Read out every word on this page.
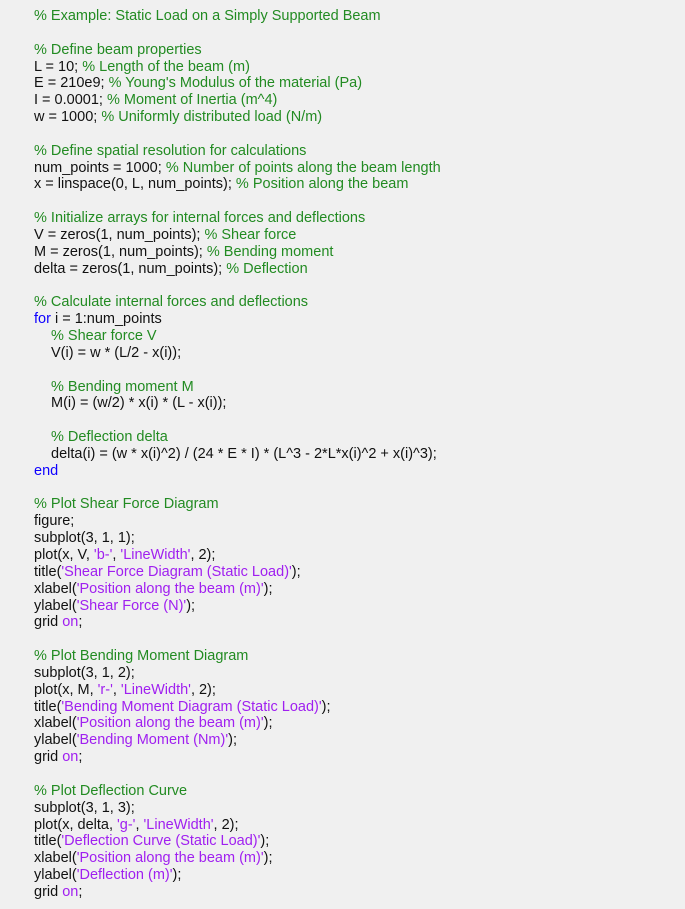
% Example: Static Load on a Simply Supported Beam
% Define beam properties
L = 10; % Length of the beam (m)
E = 210e9; % Young's Modulus of the material (Pa)
I = 0.0001; % Moment of Inertia (m^4)
w = 1000; % Uniformly distributed load (N/m)
% Define spatial resolution for calculations
num_points = 1000; % Number of points along the beam length
x = linspace(0, L, num_points); % Position along the beam
% Initialize arrays for internal forces and deflections
V = zeros(1, num_points); % Shear force
M = zeros(1, num_points); % Bending moment
delta = zeros(1, num_points); % Deflection
% Calculate internal forces and deflections
for i = 1:num_points
% Shear force V
V(i) = w * (L/2 - x(i));
% Bending moment M
M(i) = (w/2) * x(i) * (L - x(i));
% Deflection delta
delta(i) = (w * x(i)^2) / (24 * E * I) * (L^3 - 2*L*x(i)^2 + x(i)^3);
end
% Plot Shear Force Diagram
figure;
subplot(3, 1, 1);
plot(x, V, 'b-', 'LineWidth', 2);
title('Shear Force Diagram (Static Load)');
xlabel('Position along the beam (m)');
ylabel('Shear Force (N)');
grid on;
% Plot Bending Moment Diagram
subplot(3, 1, 2);
plot(x, M, 'r-', 'LineWidth', 2);
title('Bending Moment Diagram (Static Load)');
xlabel('Position along the beam (m)');
ylabel('Bending Moment (Nm)');
grid on;
% Plot Deflection Curve
subplot(3, 1, 3);
plot(x, delta, 'g-', 'LineWidth', 2);
title('Deflection Curve (Static Load)');
xlabel('Position along the beam (m)');
ylabel('Deflection (m)');
grid on;
